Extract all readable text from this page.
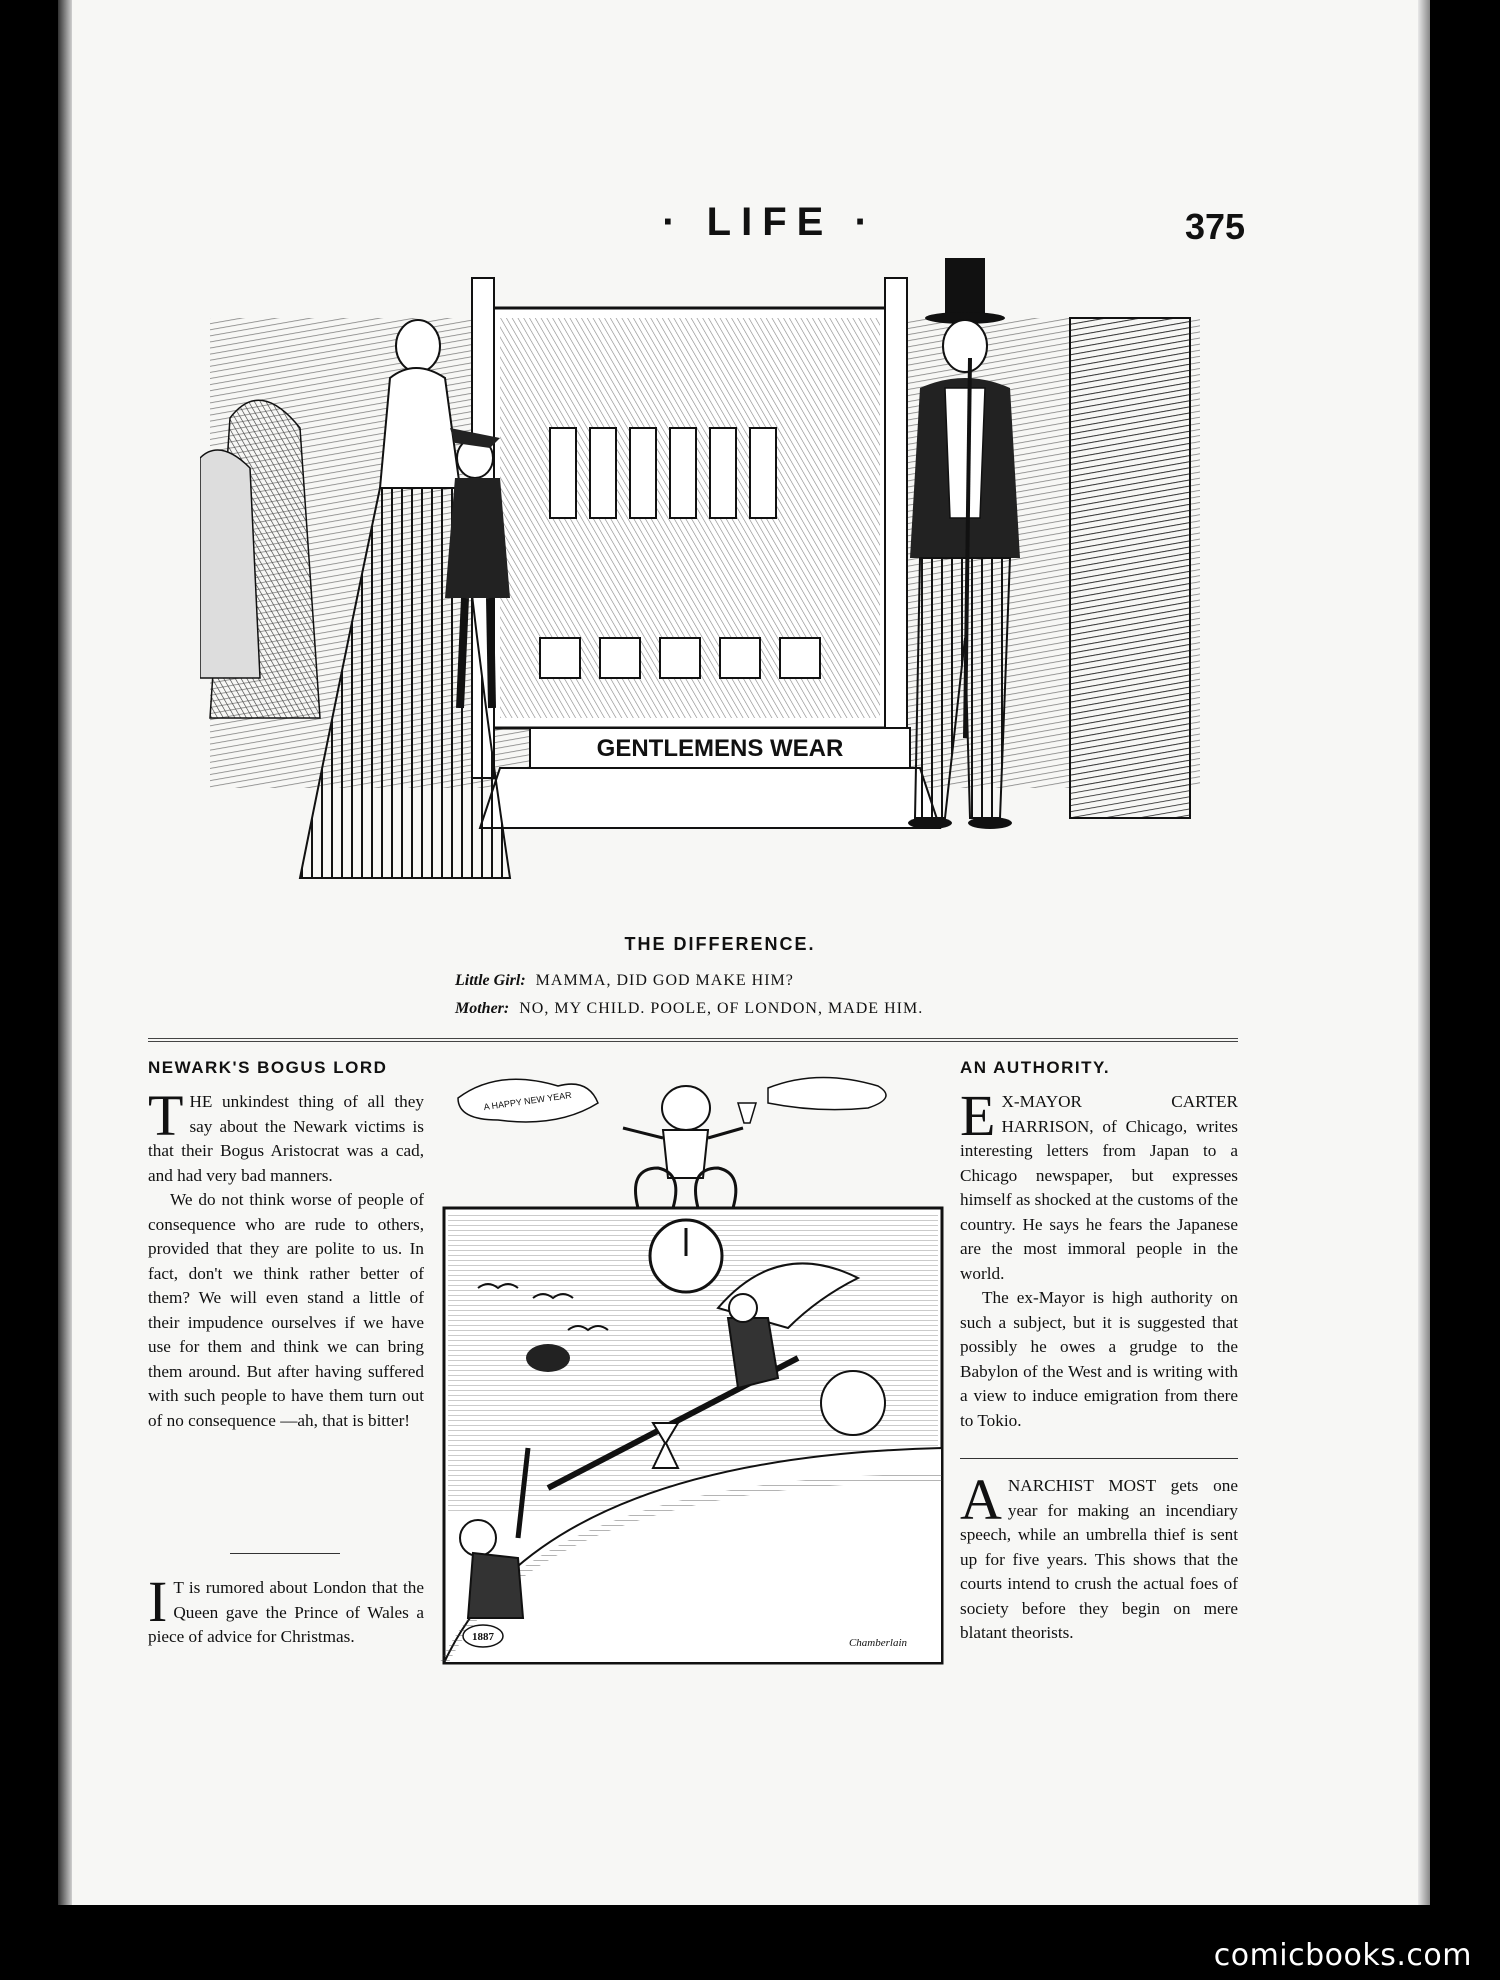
comicbooks.com
· LIFE ·	375
GENTLEMENS WEAR
THE DIFFERENCE.
Little Girl: MAMMA, DID GOD MAKE HIM?
Mother: NO, MY CHILD. POOLE, OF LONDON, MADE HIM.
NEWARK'S BOGUS LORD

THE unkindest thing of all they say about the Newark victims is that their Bogus Aristocrat was a cad, and had very bad manners.

We do not think worse of people of consequence who are rude to others, provided that they are polite to us. In fact, don't we think rather better of them? We will even stand a little of their impudence ourselves if we have use for them and think we can bring them around. But after having suffered with such people to have them turn out of no consequence —ah, that is bitter!

I T is rumored about London that the Queen gave the Prince of Wales a piece of advice for Christmas.

A HAPPY NEW YEAR
1887	Chamberlain
AN AUTHORITY.

E X-MAYOR CARTER HARRISON, of Chicago, writes interesting letters from Japan to a Chicago newspaper, but expresses himself as shocked at the customs of the country. He says he fears the Japanese are the most immoral people in the world.

The ex-Mayor is high authority on such a subject, but it is suggested that possibly he owes a grudge to the Babylon of the West and is writing with a view to induce emigration from there to Tokio.

ANARCHIST MOST gets one year for making an incendiary speech, while an umbrella thief is sent up for five years. This shows that the courts intend to crush the actual foes of society before they begin on mere blatant theorists.
